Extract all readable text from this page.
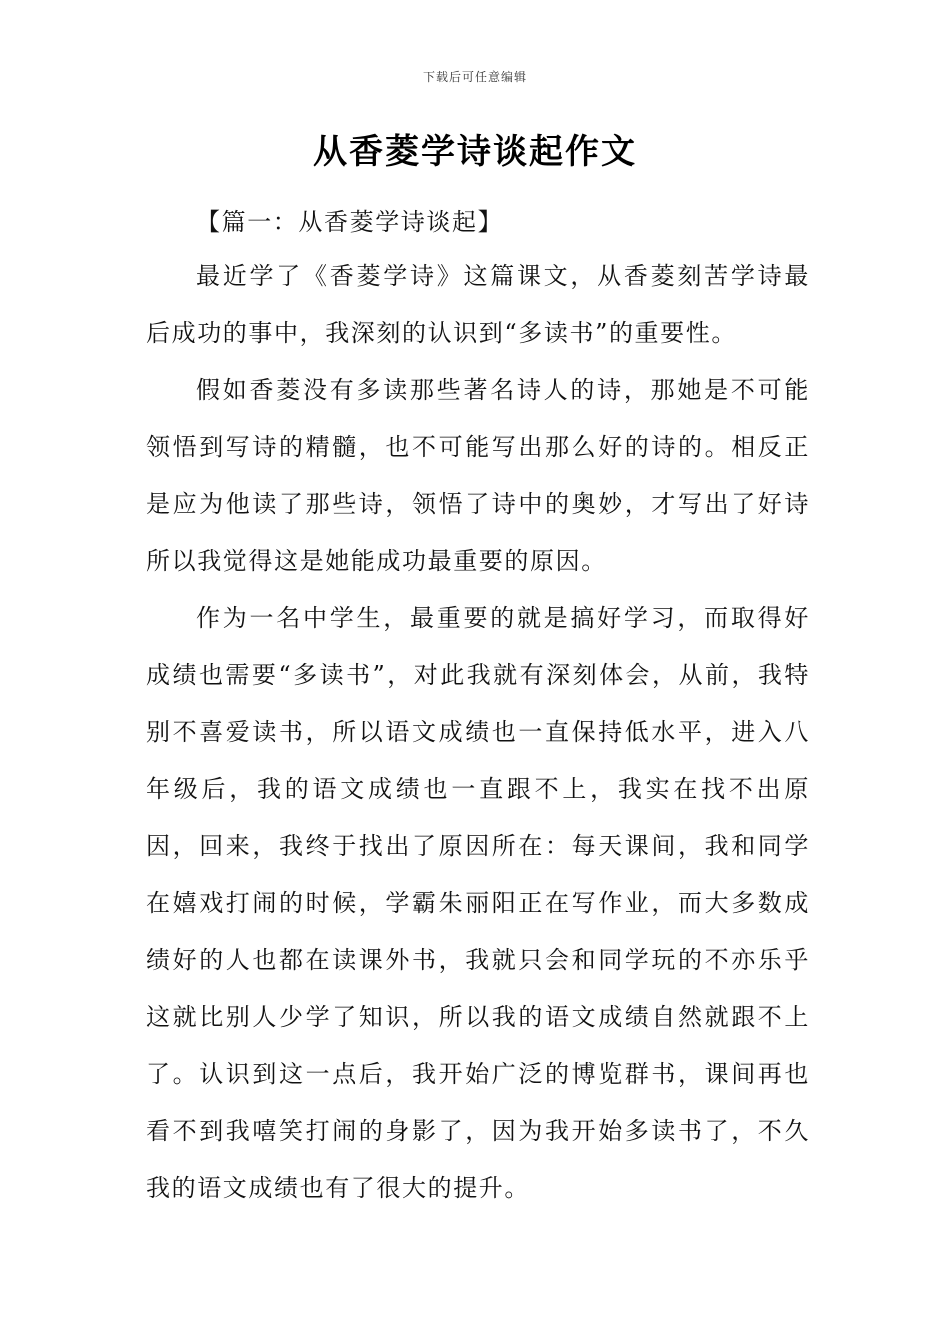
下载后可任意编辑
从香菱学诗谈起作文

【篇一：从香菱学诗谈起】

最近学了《香菱学诗》这篇课文，从香菱刻苦学诗最后成功的事中，我深刻的认识到“多读书”的重要性。

假如香菱没有多读那些著名诗人的诗，那她是不可能领悟到写诗的精髓，也不可能写出那么好的诗的。相反正是应为他读了那些诗，领悟了诗中的奥妙，才写出了好诗所以我觉得这是她能成功最重要的原因。

作为一名中学生，最重要的就是搞好学习，而取得好成绩也需要“多读书”，对此我就有深刻体会，从前，我特别不喜爱读书，所以语文成绩也一直保持低水平，进入八年级后，我的语文成绩也一直跟不上，我实在找不出原因，回来，我终于找出了原因所在：每天课间，我和同学在嬉戏打闹的时候，学霸朱丽阳正在写作业，而大多数成绩好的人也都在读课外书，我就只会和同学玩的不亦乐乎这就比别人少学了知识，所以我的语文成绩自然就跟不上了。认识到这一点后，我开始广泛的博览群书，课间再也看不到我嘻笑打闹的身影了，因为我开始多读书了，不久我的语文成绩也有了很大的提升。
